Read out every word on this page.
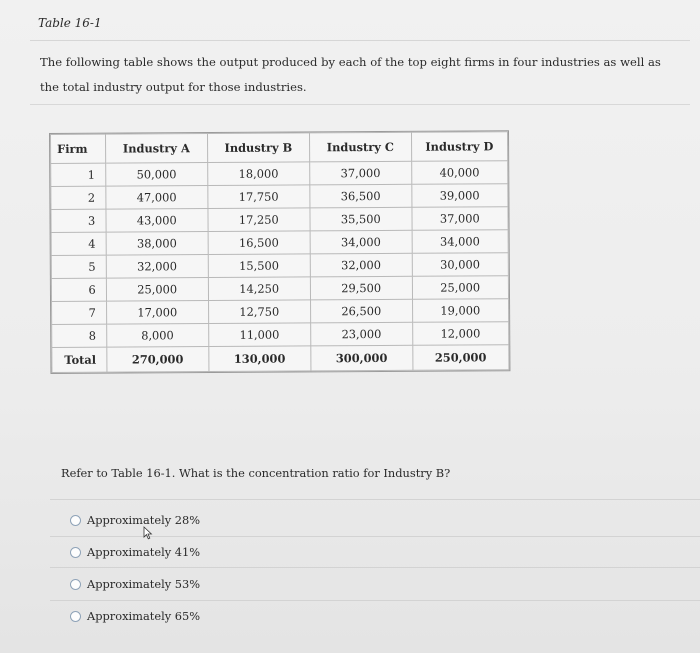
Table 16-1
The following table shows the output produced by each of the top eight firms in four industries as well as the total industry output for those industries.
Firm	Industry A	Industry B	Industry C	Industry D
1	50,000	18,000	37,000	40,000
2	47,000	17,750	36,500	39,000
3	43,000	17,250	35,500	37,000
4	38,000	16,500	34,000	34,000
5	32,000	15,500	32,000	30,000
6	25,000	14,250	29,500	25,000
7	17,000	12,750	26,500	19,000
8	8,000	11,000	23,000	12,000
Total	270,000	130,000	300,000	250,000
Refer to Table 16-1. What is the concentration ratio for Industry B?
Approximately 28%
Approximately 41%
Approximately 53%
Approximately 65%
